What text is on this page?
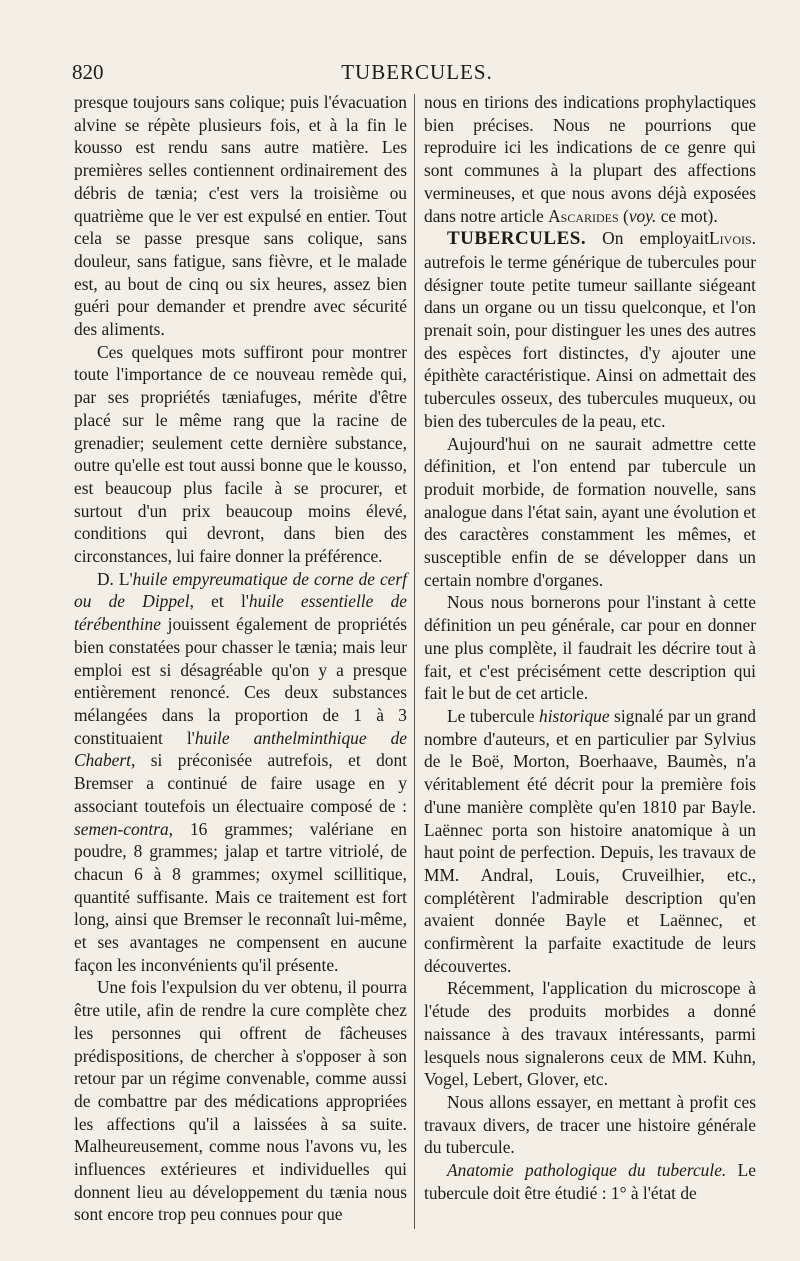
820	TUBERCULES.

presque toujours sans colique; puis l'évacuation alvine se répète plusieurs fois, et à la fin le kousso est rendu sans autre matière. Les premières selles contiennent ordinairement des débris de tænia; c'est vers la troisième ou quatrième que le ver est expulsé en entier. Tout cela se passe presque sans colique, sans douleur, sans fatigue, sans fièvre, et le malade est, au bout de cinq ou six heures, assez bien guéri pour demander et prendre avec sécurité des aliments.

Ces quelques mots suffiront pour montrer toute l'importance de ce nouveau remède qui, par ses propriétés tæniafuges, mérite d'être placé sur le même rang que la racine de grenadier; seulement cette dernière substance, outre qu'elle est tout aussi bonne que le kousso, est beaucoup plus facile à se procurer, et surtout d'un prix beaucoup moins élevé, conditions qui devront, dans bien des circonstances, lui faire donner la préférence.

D. L'huile empyreumatique de corne de cerf ou de Dippel, et l'huile essentielle de térébenthine jouissent également de propriétés bien constatées pour chasser le tænia; mais leur emploi est si désagréable qu'on y a presque entièrement renoncé. Ces deux substances mélangées dans la proportion de 1 à 3 constituaient l'huile anthelminthique de Chabert, si préconisée autrefois, et dont Bremser a continué de faire usage en y associant toutefois un électuaire composé de : semen-contra, 16 grammes; valériane en poudre, 8 grammes; jalap et tartre vitriolé, de chacun 6 à 8 grammes; oxymel scillitique, quantité suffisante. Mais ce traitement est fort long, ainsi que Bremser le reconnaît lui-même, et ses avantages ne compensent en aucune façon les inconvénients qu'il présente.

Une fois l'expulsion du ver obtenu, il pourra être utile, afin de rendre la cure complète chez les personnes qui offrent de fâcheuses prédispositions, de chercher à s'opposer à son retour par un régime convenable, comme aussi de combattre par des médications appropriées les affections qu'il a laissées à sa suite. Malheureusement, comme nous l'avons vu, les influences extérieures et individuelles qui donnent lieu au développement du tænia nous sont encore trop peu connues pour que

nous en tirions des indications prophylactiques bien précises. Nous ne pourrions que reproduire ici les indications de ce genre qui sont communes à la plupart des affections vermineuses, et que nous avons déjà exposées dans notre article Ascarides (voy. ce mot).
Livois.

TUBERCULES. On employait autrefois le terme générique de tubercules pour désigner toute petite tumeur saillante siégeant dans un organe ou un tissu quelconque, et l'on prenait soin, pour distinguer les unes des autres des espèces fort distinctes, d'y ajouter une épithète caractéristique. Ainsi on admettait des tubercules osseux, des tubercules muqueux, ou bien des tubercules de la peau, etc.

Aujourd'hui on ne saurait admettre cette définition, et l'on entend par tubercule un produit morbide, de formation nouvelle, sans analogue dans l'état sain, ayant une évolution et des caractères constamment les mêmes, et susceptible enfin de se développer dans un certain nombre d'organes.

Nous nous bornerons pour l'instant à cette définition un peu générale, car pour en donner une plus complète, il faudrait les décrire tout à fait, et c'est précisément cette description qui fait le but de cet article.

Le tubercule historique signalé par un grand nombre d'auteurs, et en particulier par Sylvius de le Boë, Morton, Boerhaave, Baumès, n'a véritablement été décrit pour la première fois d'une manière complète qu'en 1810 par Bayle. Laënnec porta son histoire anatomique à un haut point de perfection. Depuis, les travaux de MM. Andral, Louis, Cruveilhier, etc., complétèrent l'admirable description qu'en avaient donnée Bayle et Laënnec, et confirmèrent la parfaite exactitude de leurs découvertes.

Récemment, l'application du microscope à l'étude des produits morbides a donné naissance à des travaux intéressants, parmi lesquels nous signalerons ceux de MM. Kuhn, Vogel, Lebert, Glover, etc.

Nous allons essayer, en mettant à profit ces travaux divers, de tracer une histoire générale du tubercule.

Anatomie pathologique du tubercule. Le tubercule doit être étudié : 1° à l'état de
